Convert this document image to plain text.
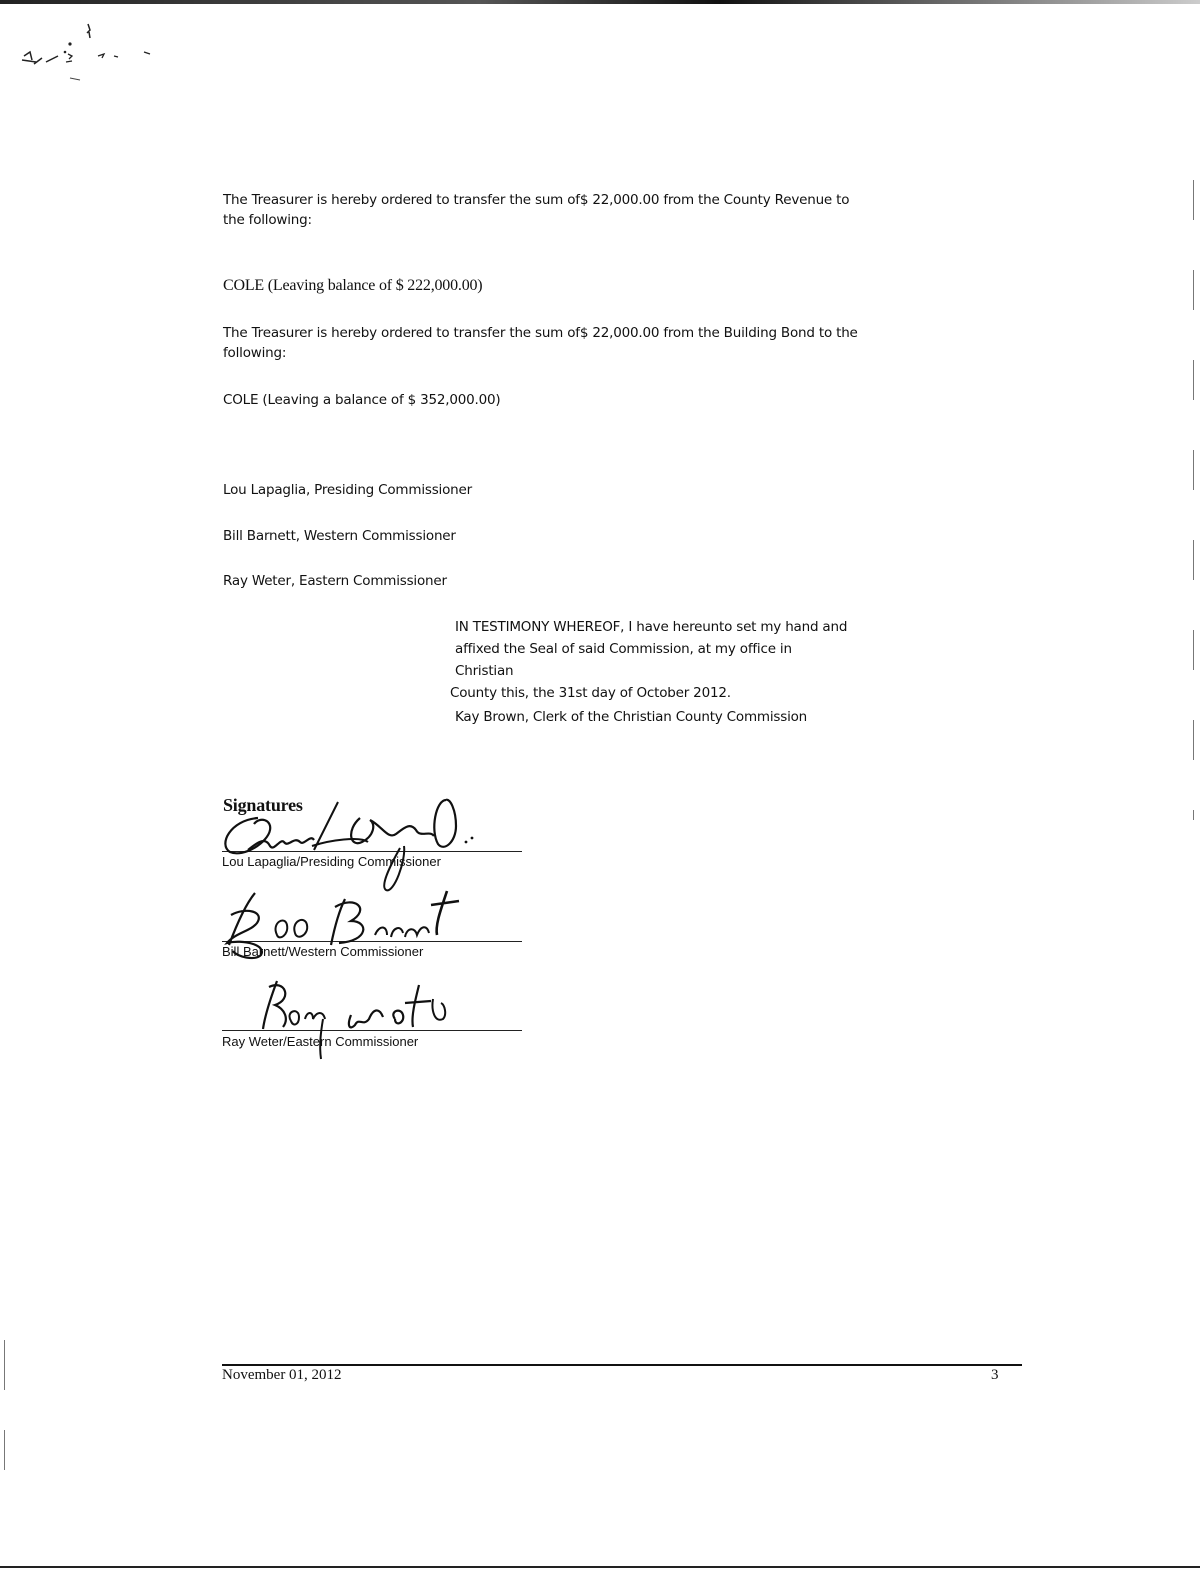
The Treasurer is hereby ordered to transfer the sum of$ 22,000.00 from the County Revenue to the following:
COLE (Leaving balance of $ 222,000.00)
The Treasurer is hereby ordered to transfer the sum of$ 22,000.00 from the Building Bond to the following:
COLE (Leaving a balance of $ 352,000.00)
Lou Lapaglia, Presiding Commissioner
Bill Barnett, Western Commissioner
Ray Weter, Eastern Commissioner
IN TESTIMONY WHEREOF, I have hereunto set my hand and
affixed the Seal of said Commission, at my office in Christian
County this, the 31st day of October 2012.
Kay Brown, Clerk of the Christian County Commission
Signatures
Lou Lapaglia/Presiding Commissioner
Bill Barnett/Western Commissioner
Ray Weter/Eastern Commissioner
November 01, 2012	3
